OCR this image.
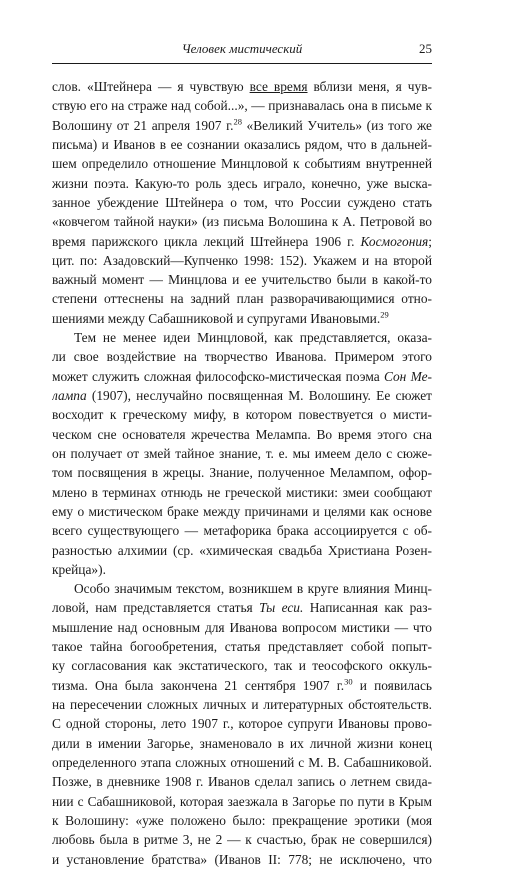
Человек мистический	25
слов. «Штейнера — я чувствую все время вблизи меня, я чув-
ствую его на страже над собой...», — признавалась она в письме к
Волошину от 21 апреля 1907 г.$^{28}$ «Великий Учитель» (из того же
письма) и Иванов в ее сознании оказались рядом, что в дальней-
шем определило отношение Минцловой к событиям внутренней
жизни поэта. Какую-то роль здесь играло, конечно, уже выска-
занное убеждение Штейнера о том, что России суждено стать
«ковчегом тайной науки» (из письма Волошина к А. Петровой во
время парижского цикла лекций Штейнера 1906 г. Космогония;
цит. по: Азадовский—Купченко 1998: 152). Укажем и на второй
важный момент — Минцлова и ее учительство были в какой-то
степени оттеснены на задний план разворачивающимися отно-
шениями между Сабашниковой и супругами Ивановыми.$^{29}$
Тем не менее идеи Минцловой, как представляется, оказа-
ли свое воздействие на творчество Иванова. Примером этого
может служить сложная философско-мистическая поэма Сон Ме-
лампа (1907), неслучайно посвященная М. Волошину. Ее сюжет
восходит к греческому мифу, в котором повествуется о мисти-
ческом сне основателя жречества Мелампа. Во время этого сна
он получает от змей тайное знание, т. е. мы имеем дело с сюже-
том посвящения в жрецы. Знание, полученное Мелампом, офор-
млено в терминах отнюдь не греческой мистики: змеи сообщают
ему о мистическом браке между причинами и целями как основе
всего существующего — метафорика брака ассоциируется с об-
разностью алхимии (ср. «химическая свадьба Христиана Розен-
крейца»).
Особо значимым текстом, возникшем в круге влияния Минц-
ловой, нам представляется статья Ты еси. Написанная как раз-
мышление над основным для Иванова вопросом мистики — что
такое тайна богообретения, статья представляет собой попыт-
ку согласования как экстатического, так и теософского оккуль-
тизма. Она была закончена 21 сентября 1907 г.$^{30}$ и появилась
на пересечении сложных личных и литературных обстоятельств.
С одной стороны, лето 1907 г., которое супруги Ивановы прово-
дили в имении Загорье, знаменовало в их личной жизни конец
определенного этапа сложных отношений с М. В. Сабашниковой.
Позже, в дневнике 1908 г. Иванов сделал запись о летнем свида-
нии с Сабашниковой, которая заезжала в Загорье по пути в Крым
к Волошину: «уже положено было: прекращение эротики (моя
любовь была в ритме 3, не 2 — к счастью, брак не совершился)
и установление братства» (Иванов II: 778; не исключено, что
